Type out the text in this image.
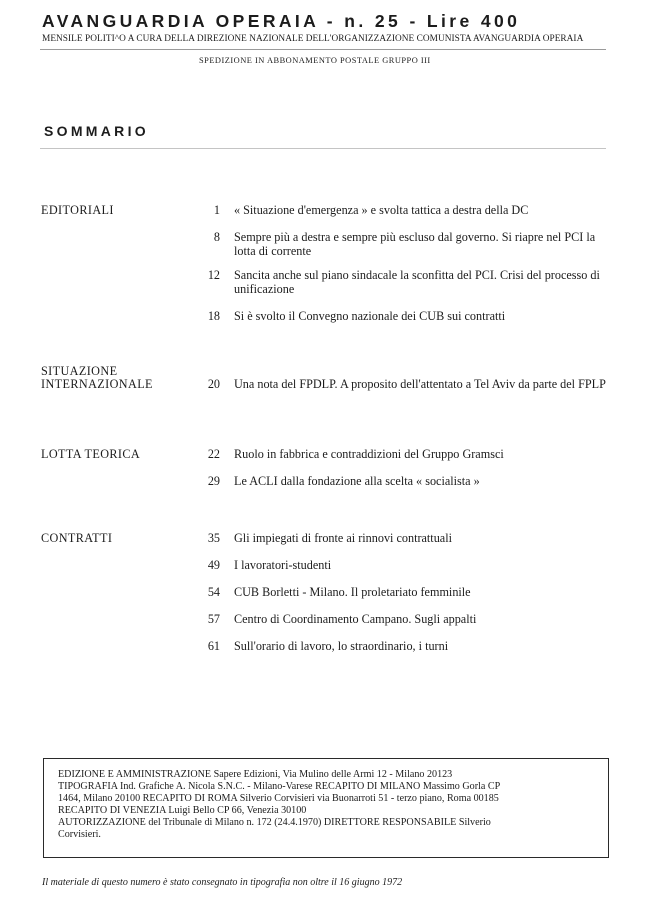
AVANGUARDIA OPERAIA - n. 25 - Lire 400
MENSILE POLITI^O A CURA DELLA DIREZIONE NAZIONALE DELL'ORGANIZZAZIONE COMUNISTA AVANGUARDIA OPERAIA
SPEDIZIONE IN ABBONAMENTO POSTALE GRUPPO III
SOMMARIO
EDITORIALI	1 « Situazione d'emergenza » e svolta tattica a destra della DC
8 Sempre più a destra e sempre più escluso dal governo. Si riapre nel PCI la lotta di corrente
12 Sancita anche sul piano sindacale la sconfitta del PCI. Crisi del processo di unificazione
18 Si è svolto il Convegno nazionale dei CUB sui contratti
SITUAZIONE
INTERNAZIONALE	20 Una nota del FPDLP. A proposito dell'attentato a Tel Aviv da parte del FPLP
LOTTA TEORICA	22 Ruolo in fabbrica e contraddizioni del Gruppo Gramsci
29 Le ACLI dalla fondazione alla scelta « socialista »
CONTRATTI	35 Gli impiegati di fronte ai rinnovi contrattuali
49 I lavoratori-studenti
54 CUB Borletti - Milano. Il proletariato femminile
57 Centro di Coordinamento Campano. Sugli appalti
61 Sull'orario di lavoro, lo straordinario, i turni
EDIZIONE E AMMINISTRAZIONE Sapere Edizioni, Via Mulino delle Armi 12 - Milano 20123
TIPOGRAFIA Ind. Grafiche A. Nicola S.N.C. - Milano-Varese RECAPITO DI MILANO Massimo Gorla CP
1464, Milano 20100 RECAPITO DI ROMA Silverio Corvisieri via Buonarroti 51 - terzo piano, Roma 00185
RECAPITO DI VENEZIA Luigi Bello CP 66, Venezia 30100
AUTORIZZAZIONE del Tribunale di Milano n. 172 (24.4.1970) DIRETTORE RESPONSABILE Silverio
Corvisieri.
Il materiale di questo numero è stato consegnato in tipografia non oltre il 16 giugno 1972
